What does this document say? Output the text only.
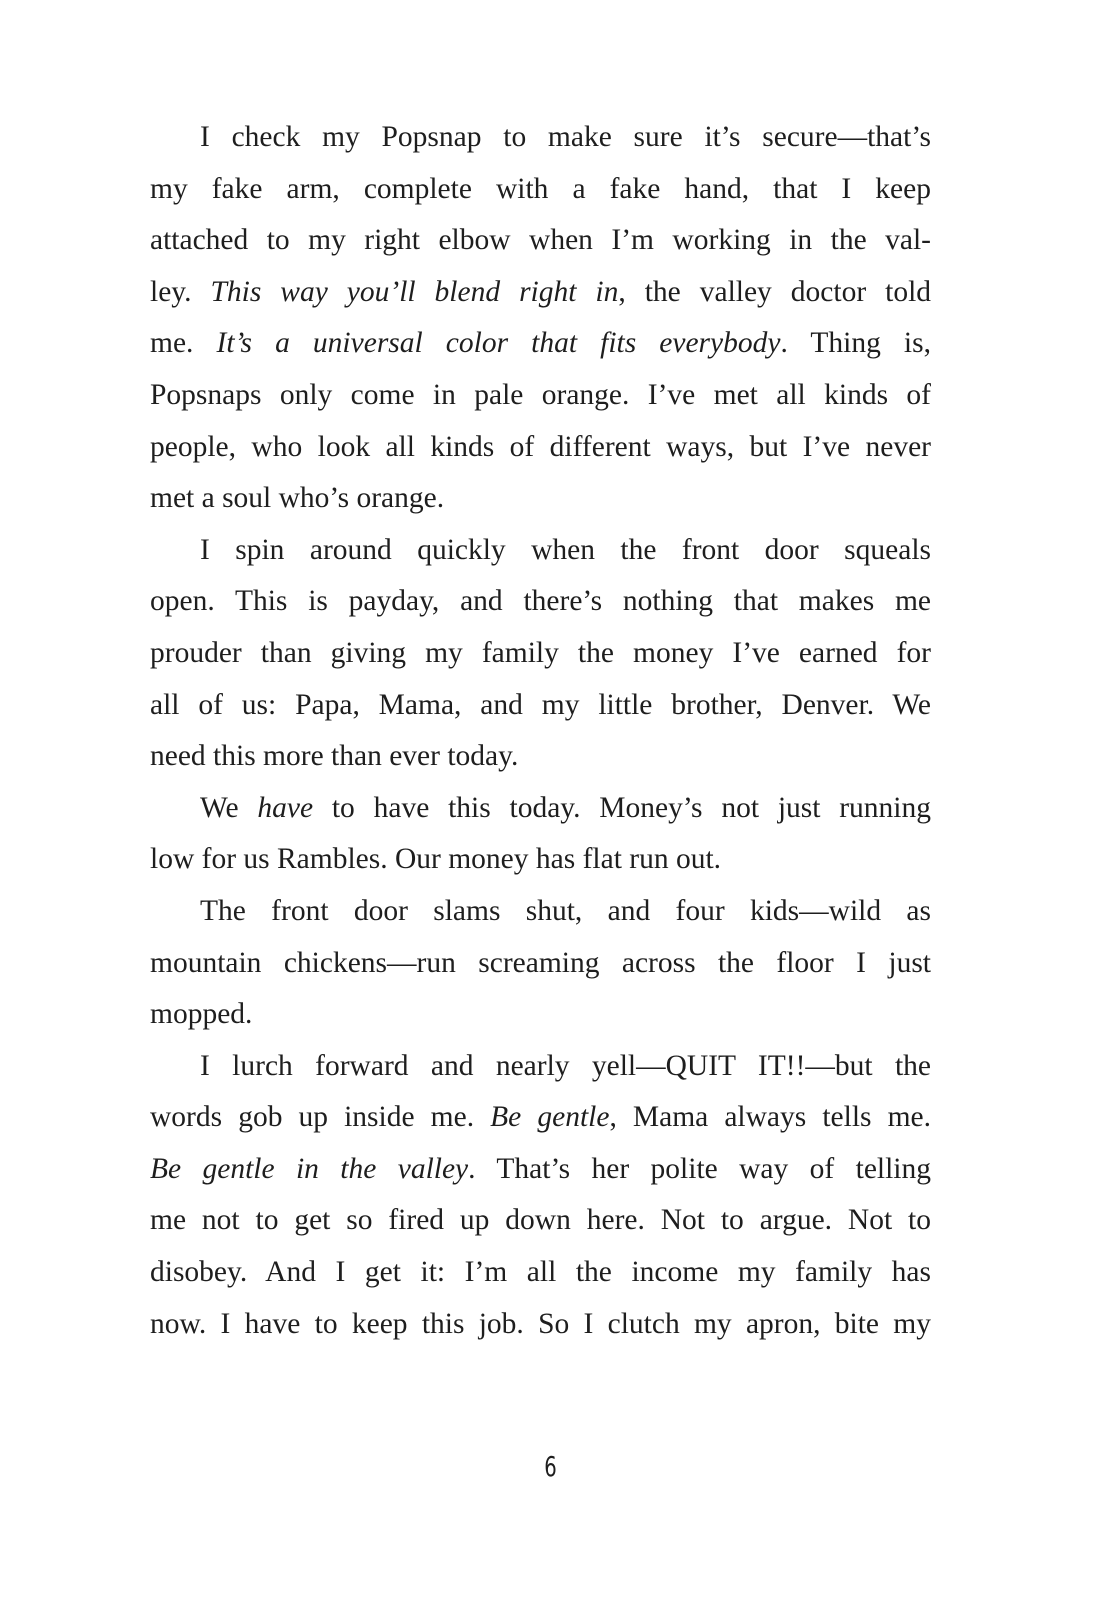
I check my Popsnap to make sure it’s secure—that’s
my fake arm, complete with a fake hand, that I keep
attached to my right elbow when I’m working in the val-
ley. This way you’ll blend right in, the valley doctor told
me. It’s a universal color that fits everybody. Thing is,
Popsnaps only come in pale orange. I’ve met all kinds of
people, who look all kinds of different ways, but I’ve never
met a soul who’s orange.
I spin around quickly when the front door squeals
open. This is payday, and there’s nothing that makes me
prouder than giving my family the money I’ve earned for
all of us: Papa, Mama, and my little brother, Denver. We
need this more than ever today.
We have to have this today. Money’s not just running
low for us Rambles. Our money has flat run out.
The front door slams shut, and four kids—wild as
mountain chickens—run screaming across the floor I just
mopped.
I lurch forward and nearly yell—QUIT IT!!—but the
words gob up inside me. Be gentle, Mama always tells me.
Be gentle in the valley. That’s her polite way of telling
me not to get so fired up down here. Not to argue. Not to
disobey. And I get it: I’m all the income my family has
now. I have to keep this job. So I clutch my apron, bite my
6
